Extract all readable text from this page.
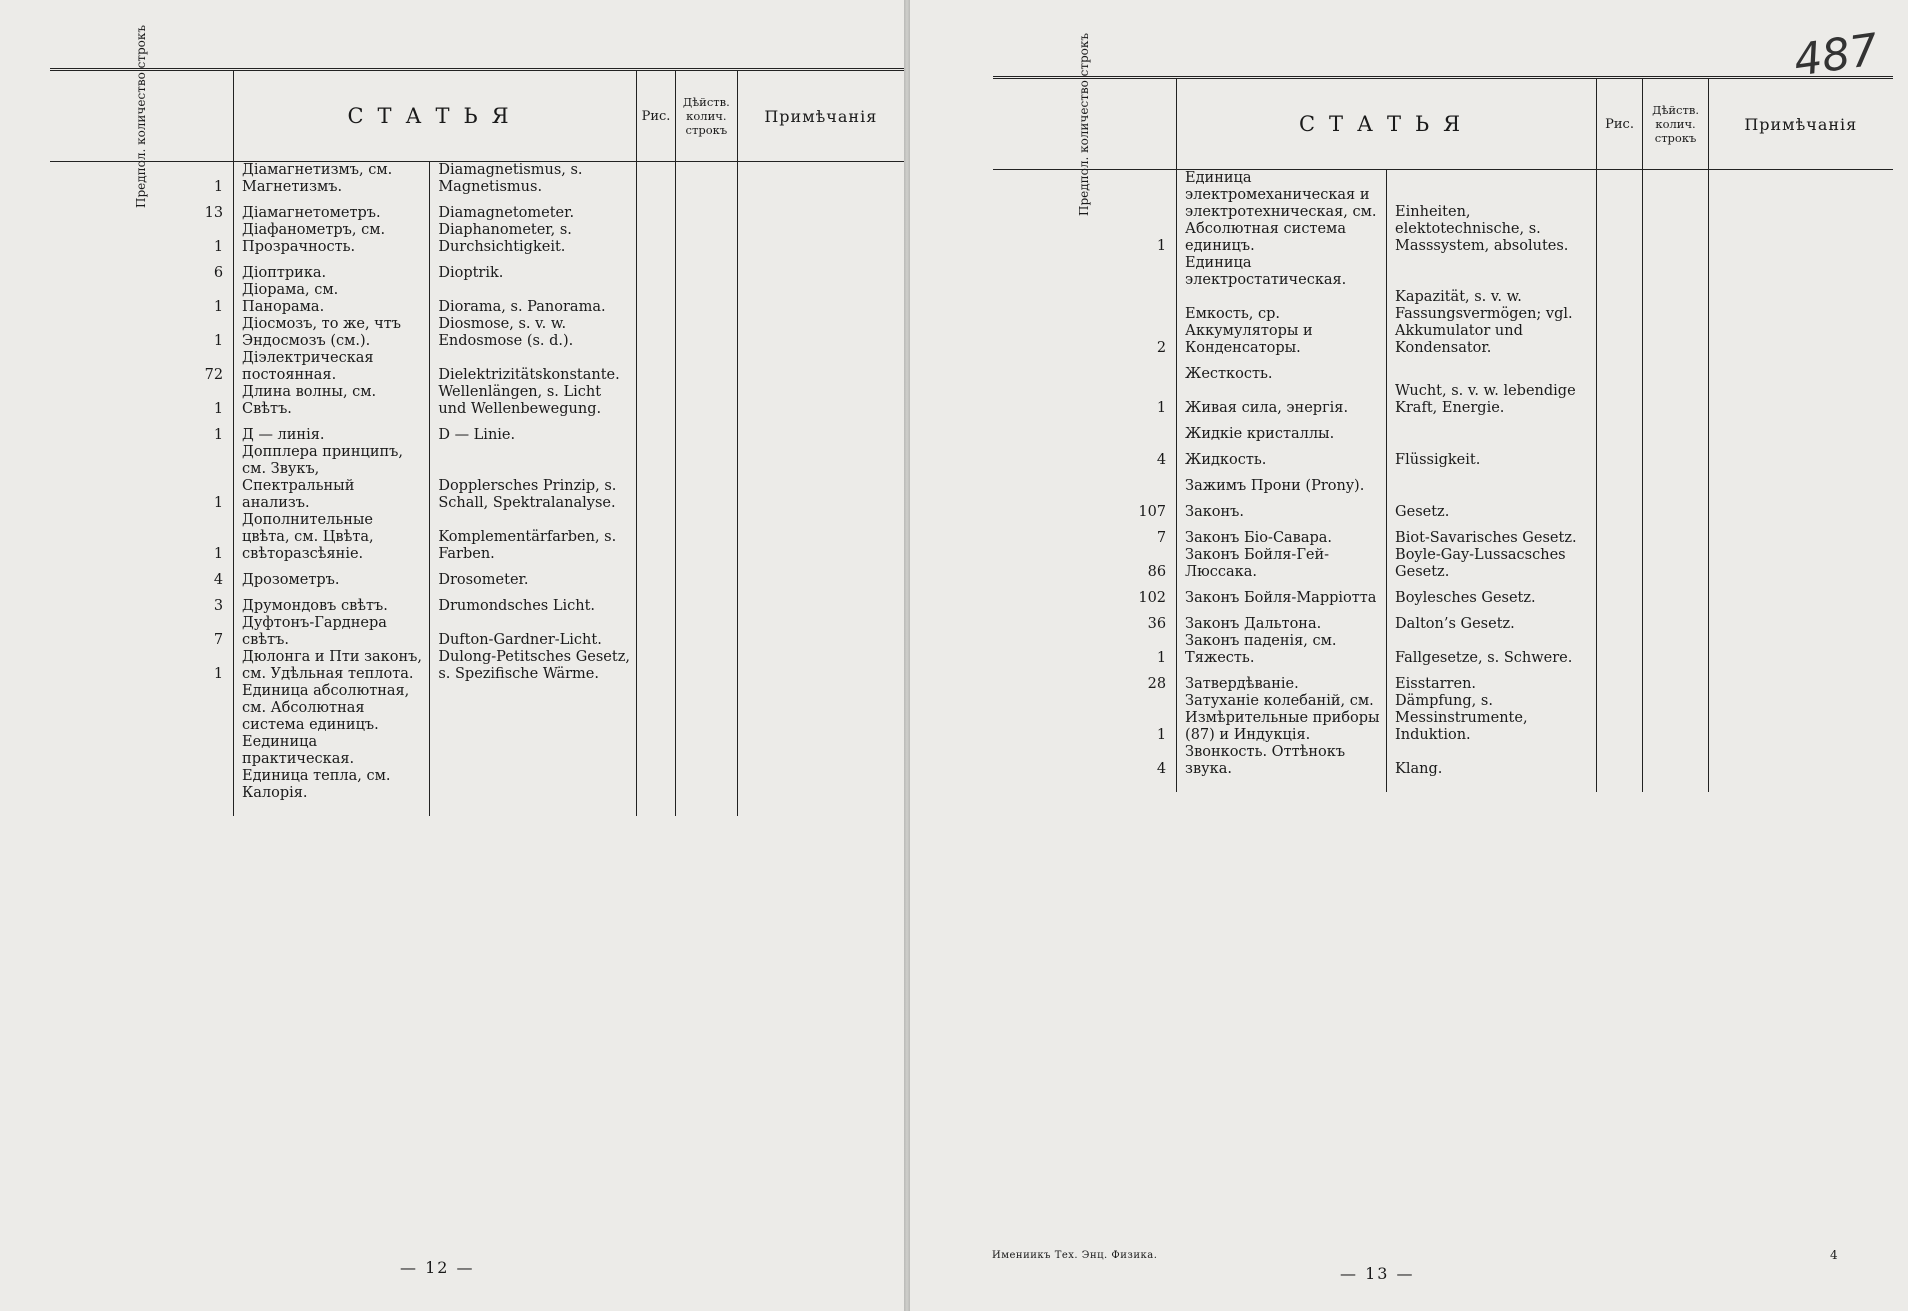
Предпол. количество строкъ	СТАТЬЯ		Рис.	Дѣйств. колич. строкъ	Примѣчанія
1	Діамагнетизмъ, см. Магнетизмъ.	Diamagnetismus, s. Magnetismus.			
13	Діамагнетометръ.	Diamagnetometer.			
1	Діафанометръ, см. Прозрачность.	Diaphanometer, s. Durchsichtigkeit.			
6	Діоптрика.	Dioptrik.			
1	Діорама, см. Панорама.	Diorama, s. Panorama.			
1	Діосмозъ, то же, чтъ Эндосмозъ (см.).	Diosmose, s. v. w. Endosmose (s. d.).			
72	Діэлектрическая постоянная.	Dielektrizitätskonstante.			
1	Длина волны, см. Свѣтъ.	Wellenlängen, s. Licht und Wellenbewegung.			
1	Д — линія.	D — Linie.			
1	Допплера принципъ, см. Звукъ, Спектральный анализъ.	Dopplersches Prinzip, s. Schall, Spektralanalyse.			
1	Дополнительные цвѣта, см. Цвѣта, свѣторазсѣяніе.	Komplementärfarben, s. Farben.			
4	Дрозометръ.	Drosometer.			
3	Друмондовъ свѣтъ.	Drumondsches Licht.			
7	Дуфтонъ-Гарднера свѣтъ.	Dufton-Gardner-Licht.			
1	Дюлонга и Пти законъ, см. Удѣльная теплота.	Dulong-Petitsches Gesetz, s. Spezifische Wärme.			
	Единица абсолютная, см. Абсолютная система единицъ.				
	Еединица практическая.				
	Единица тепла, см. Калорія.				

— 12 —
487
Предпол. количество строкъ	СТАТЬЯ		Рис.	Дѣйств. колич. строкъ	Примѣчанія
1	Единица электромеханическая и электротехническая, см. Абсолютная система единицъ.	Einheiten, elektotechnische, s. Masssystem, absolutes.			
	Единица электростатическая.				
2	Емкость, ср. Аккумуляторы и Конденсаторы.	Kapazität, s. v. w. Fassungsvermögen; vgl. Akkumulator und Kondensator.			
	Жесткость.				
1	Живая сила, энергія.	Wucht, s. v. w. lebendige Kraft, Energie.			
	Жидкіе кристаллы.				
4	Жидкость.	Flüssigkeit.			
	Зажимъ Прони (Prony).				
107	Законъ.	Gesetz.			
7	Законъ Біо-Савара.	Biot-Savarisches Gesetz.			
86	Законъ Бойля-Гей-Люссака.	Boyle-Gay-Lussacsches Gesetz.			
102	Законъ Бойля-Марріотта	Boylesches Gesetz.			
36	Законъ Дальтона.	Dalton’s Gesetz.			
1	Законъ паденія, см. Тяжесть.	Fallgesetze, s. Schwere.			
28	Затвердѣваніе.	Eisstarren.			
1	Затуханіе колебаній, см. Измѣрительные приборы (87) и Индукція.	Dämpfung, s. Messinstrumente, Induktion.			
4	Звонкость. Оттѣнокъ звука.	Klang.			

Имениикъ Тех. Энц. Физика.	4
— 13 —
